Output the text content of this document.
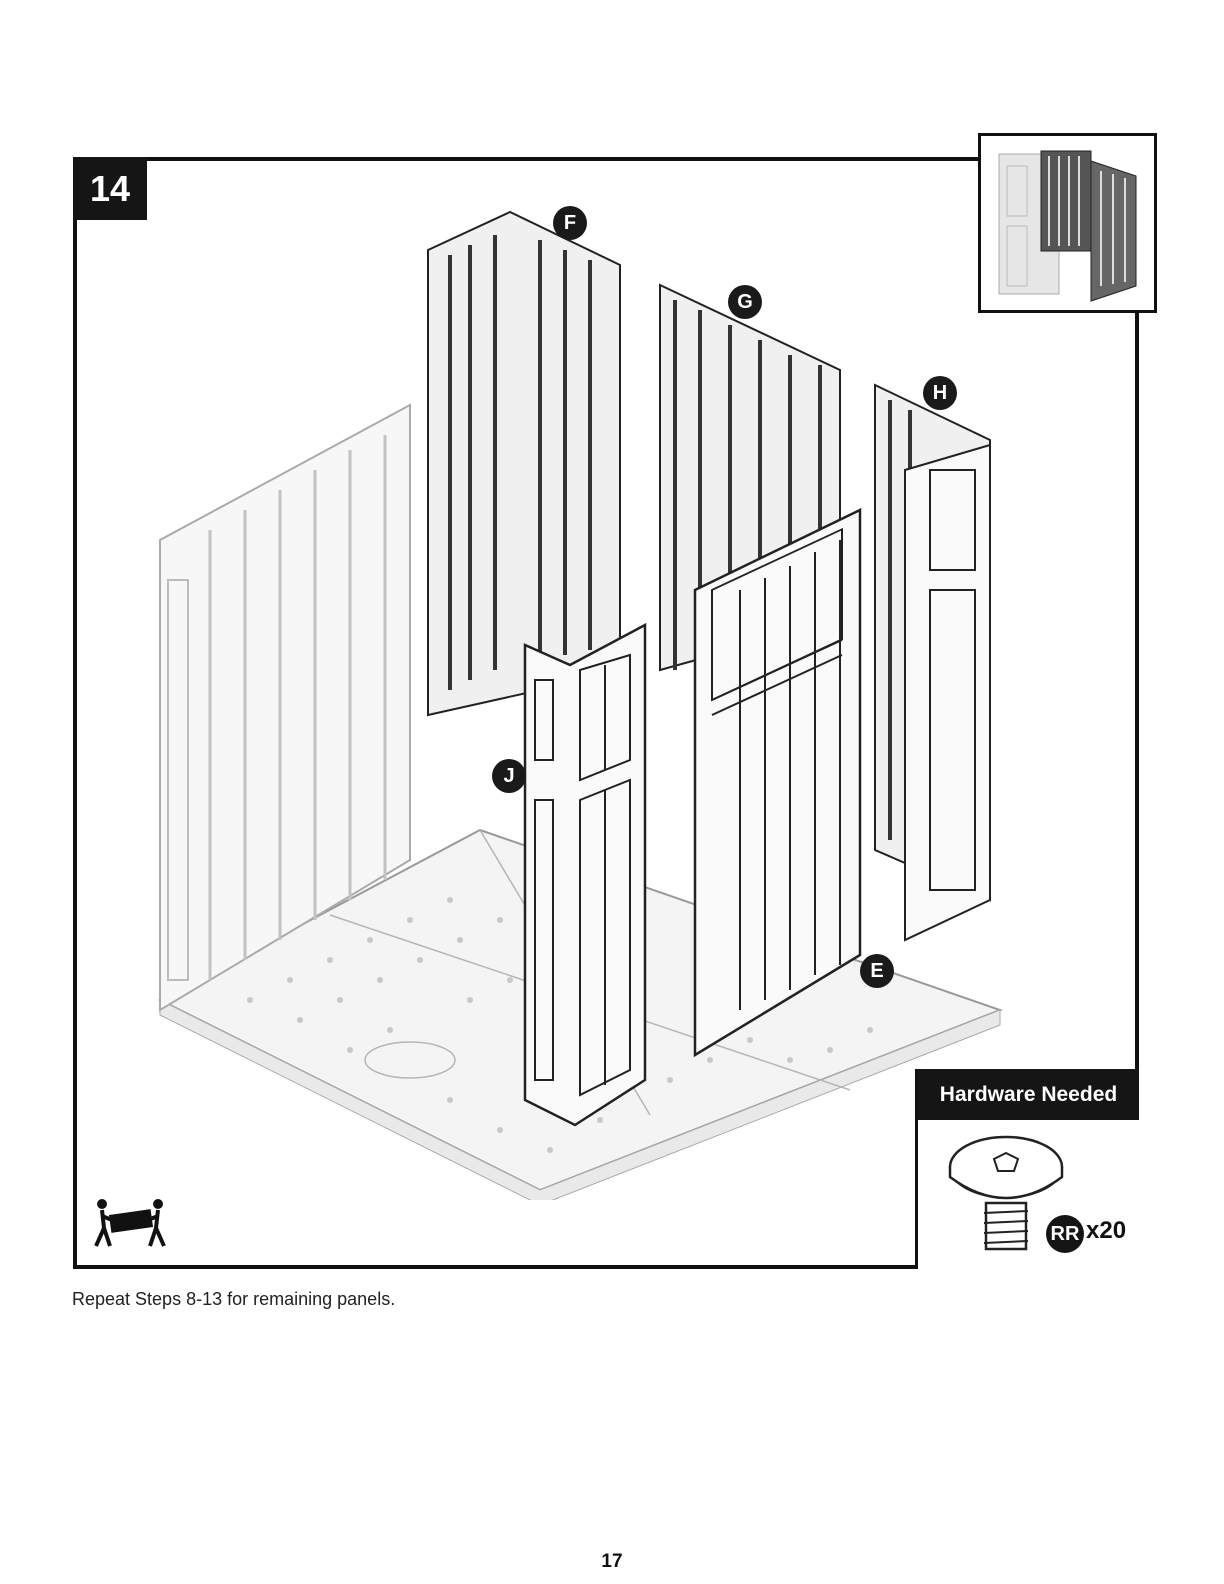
14
F
G
H
J
E
Hardware Needed
RR x20
Repeat Steps 8-13 for remaining panels.
17
